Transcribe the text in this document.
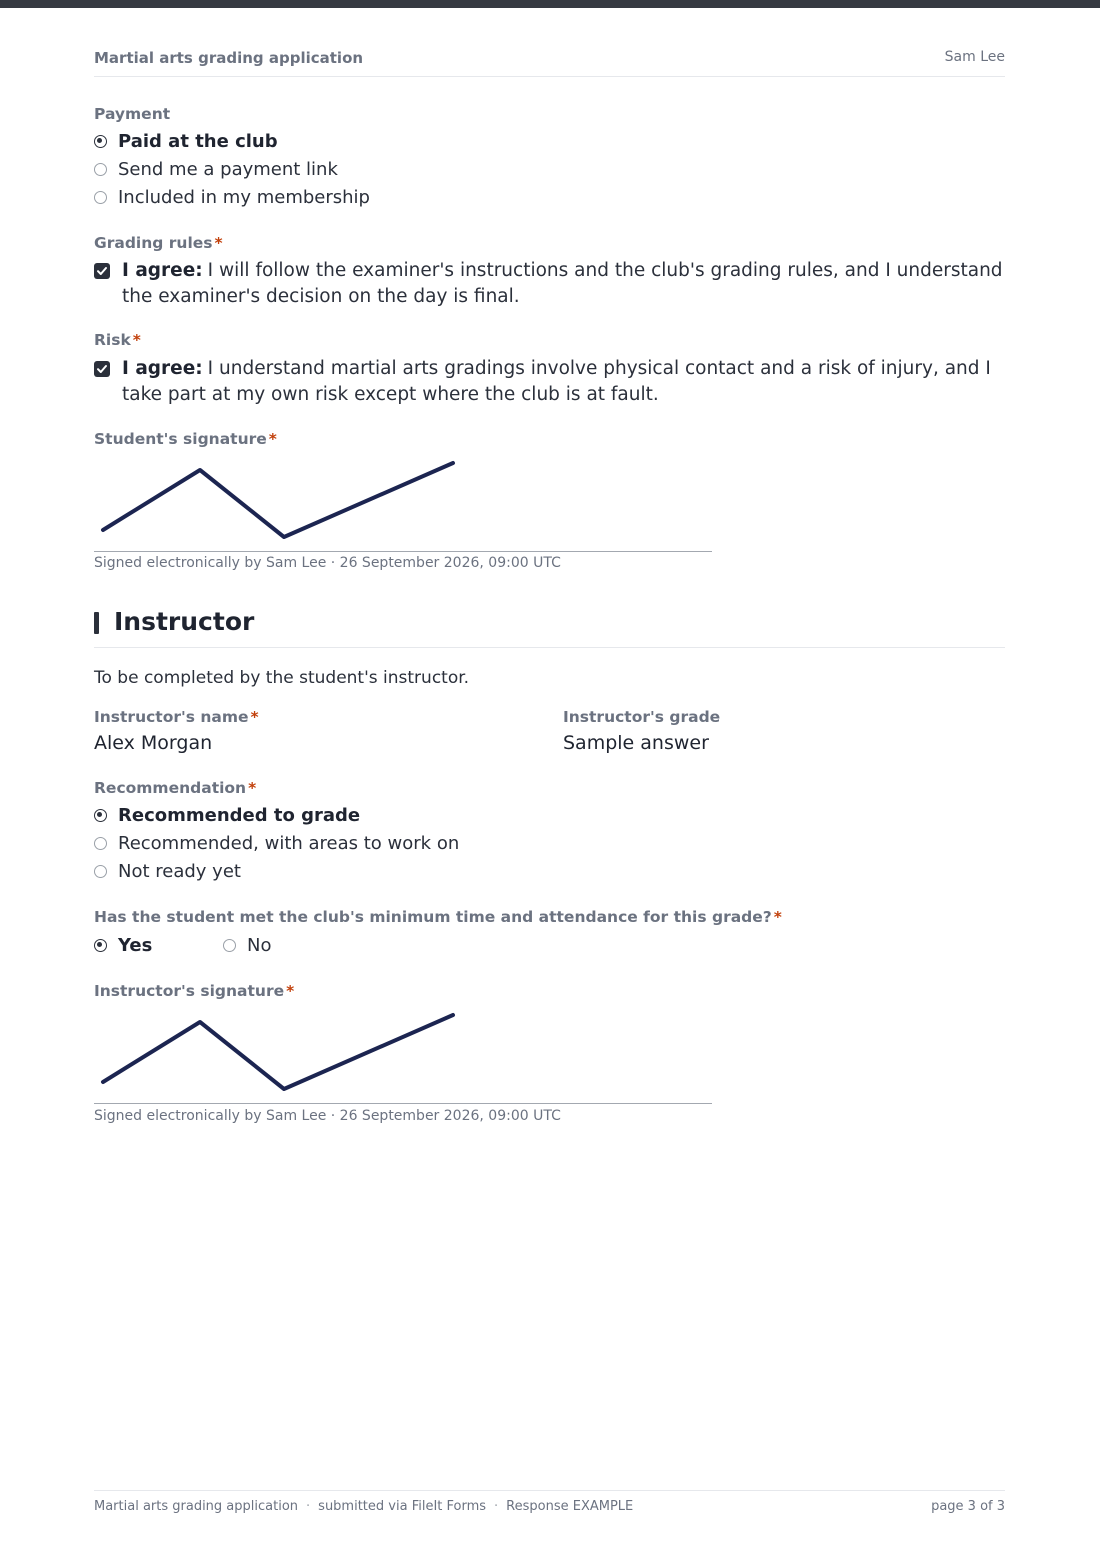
Martial arts grading application	Sam Lee
Payment
Paid at the club
Send me a payment link
Included in my membership
Grading rules *
I agree: I will follow the examiner's instructions and the club's grading rules, and I understand the examiner's decision on the day is final.
Risk *
I agree: I understand martial arts gradings involve physical contact and a risk of injury, and I take part at my own risk except where the club is at fault.
Student's signature *
Signed electronically by Sam Lee · 26 September 2026, 09:00 UTC
Instructor
To be completed by the student's instructor.
Instructor's name *
Alex Morgan
Instructor's grade
Sample answer
Recommendation *
Recommended to grade
Recommended, with areas to work on
Not ready yet
Has the student met the club's minimum time and attendance for this grade? *
Yes	No
Instructor's signature *
Signed electronically by Sam Lee · 26 September 2026, 09:00 UTC
Martial arts grading application · submitted via FileIt Forms · Response EXAMPLE	page 3 of 3
